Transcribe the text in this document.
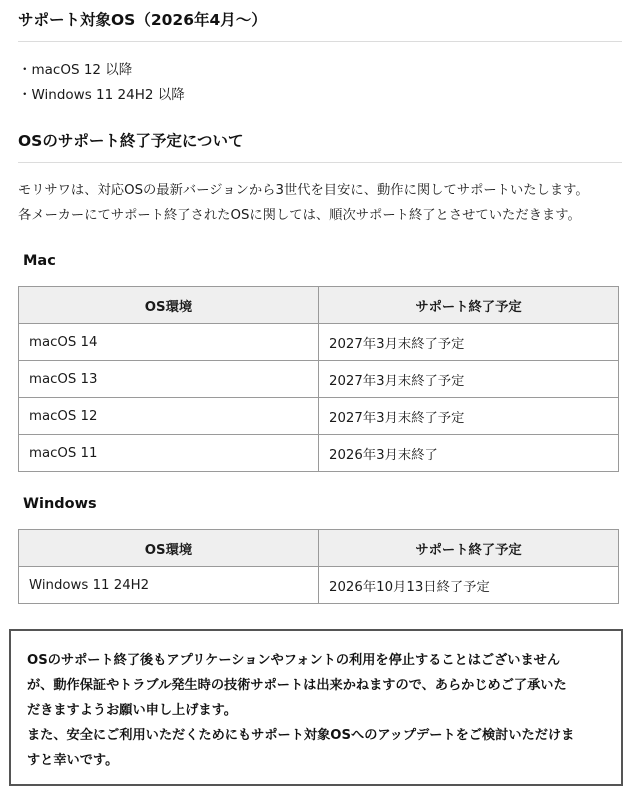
サポート対象OS（2026年4月〜）
・macOS 12 以降
・Windows 11 24H2 以降
OSのサポート終了予定について

モリサワは、対応OSの最新バージョンから3世代を目安に、動作に関してサポートいたします。

各メーカーにてサポート終了されたOSに関しては、順次サポート終了とさせていただきます。

Mac
OS環境	サポート終了予定
macOS 14	2027年3月末終了予定
macOS 13	2027年3月末終了予定
macOS 12	2027年3月末終了予定
macOS 11	2026年3月末終了
Windows
OS環境	サポート終了予定
Windows 11 24H2	2026年10月13日終了予定

OSのサポート終了後もアプリケーションやフォントの利用を停止することはございません

が、動作保証やトラブル発生時の技術サポートは出来かねますので、あらかじめご了承いた

だきますようお願い申し上げます。

また、安全にご利用いただくためにもサポート対象OSへのアップデートをご検討いただけま

すと幸いです。
